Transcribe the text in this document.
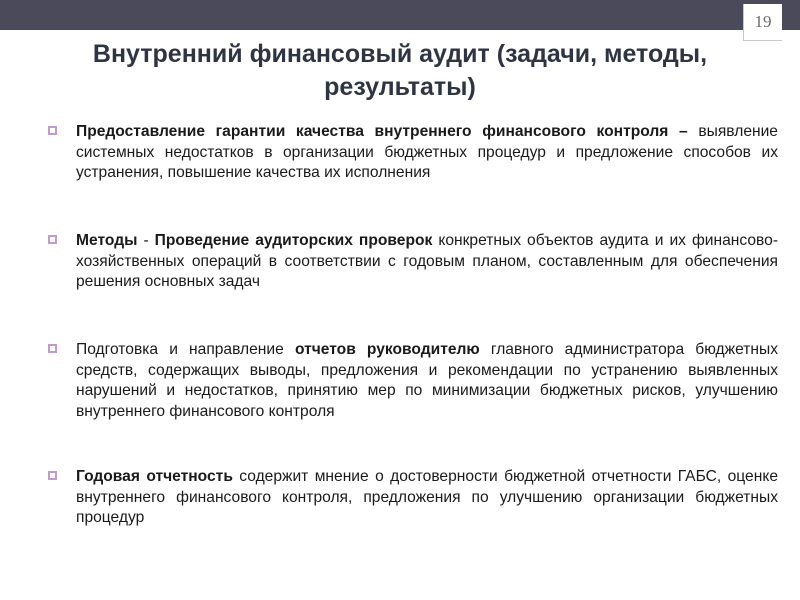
19
Внутренний финансовый аудит (задачи, методы, результаты)
Предоставление гарантии качества внутреннего финансового контроля – выявление системных недостатков в организации бюджетных процедур и предложение способов их устранения, повышение качества их исполнения
Методы - Проведение аудиторских проверок конкретных объектов аудита и их финансово-хозяйственных операций в соответствии с годовым планом, составленным для обеспечения решения основных задач
Подготовка и направление отчетов руководителю главного администратора бюджетных средств, содержащих выводы, предложения и рекомендации по устранению выявленных нарушений и недостатков, принятию мер по минимизации бюджетных рисков, улучшению внутреннего финансового контроля
Годовая отчетность содержит мнение о достоверности бюджетной отчетности ГАБС, оценке внутреннего финансового контроля, предложения по улучшению организации бюджетных процедур
